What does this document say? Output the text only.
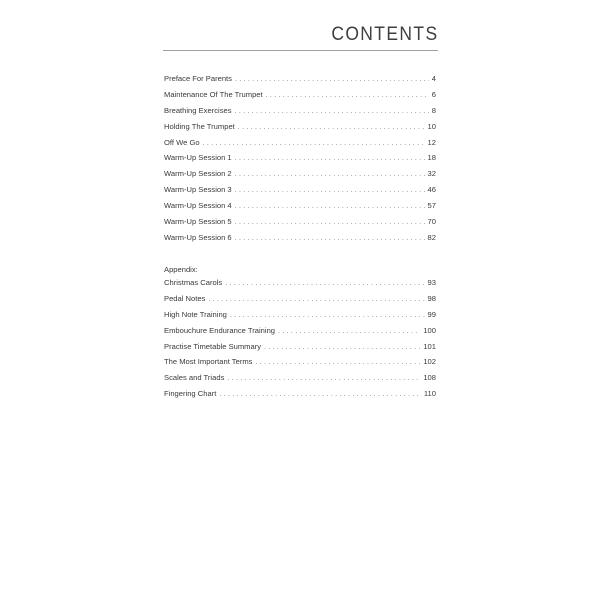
CONTENTS
Preface For Parents . . .	4
Maintenance Of The Trumpet . . .	6
Breathing Exercises . . .	8
Holding The Trumpet . . .	10
Off We Go . . .	12
Warm-Up Session 1 . . .	18
Warm-Up Session 2 . . .	32
Warm-Up Session 3 . . .	46
Warm-Up Session 4 . . .	57
Warm-Up Session 5 . . .	70
Warm-Up Session 6 . . .	82
Appendix:
Christmas Carols . . .	93
Pedal Notes . . .	98
High Note Training . . .	99
Embouchure Endurance Training . . .	100
Practise Timetable Summary . . .	101
The Most Important Terms . . .	102
Scales and Triads . . .	108
Fingering Chart . . .	110
